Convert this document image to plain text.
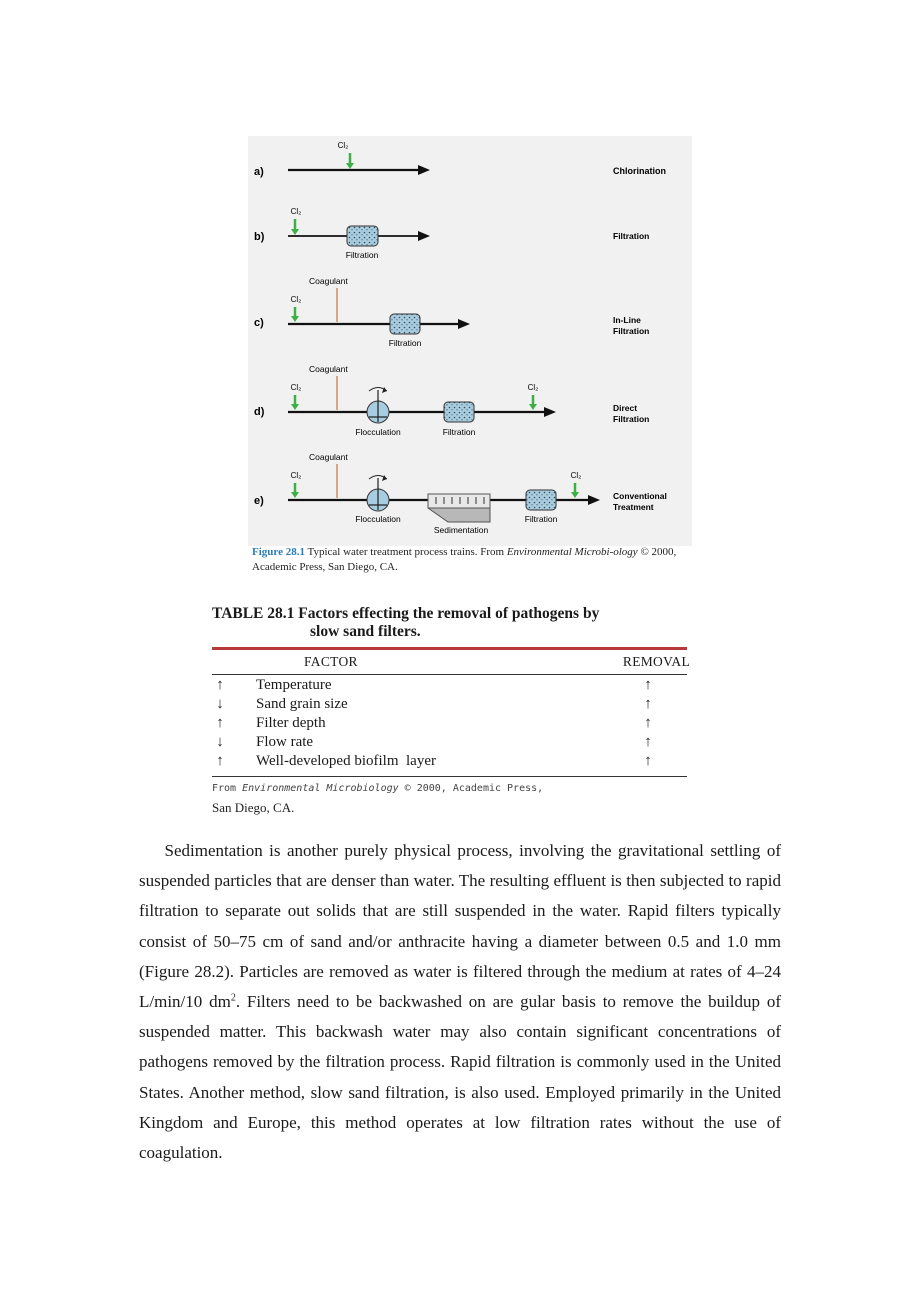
a)
Cl₂
Chlorination
b)
Cl₂
Filtration
Filtration
c)
Coagulant
Cl₂
Filtration
In-Line
Filtration
d)
Coagulant
Cl₂
Flocculation	Filtration
Cl₂
Direct
Filtration
e)
Coagulant
Cl₂
Flocculation
Sedimentation
Filtration
Cl₂
Conventional
Treatment
Figure 28.1 Typical water treatment process trains. From Environmental Microbi-ology © 2000, Academic Press, San Diego, CA.
TABLE 28.1 Factors effecting the removal of pathogens by
slow sand filters.
FACTOR	REMOVAL
↑ Temperature	↑
↓ Sand grain size	↑
↑ Filter depth	↑
↓ Flow rate	↑
↑ Well-developed biofilm  layer	↑
From Environmental Microbiology © 2000, Academic Press,
San Diego, CA.

  Sedimentation is another purely physical process, involving the gravitational settling of suspended particles that are denser than water. The resulting effluent is then subjected to rapid filtration to separate out solids that are still suspended in the water. Rapid filters typically consist of 50–75 cm of sand and/or anthracite having a diameter between 0.5 and 1.0 mm (Figure 28.2). Particles are removed as water is filtered through the medium at rates of 4–24 L/min/10 $dm^2$. Filters need to be backwashed on are gular basis to remove the buildup of suspended matter. This backwash water may also contain significant concentrations of pathogens removed by the filtration process. Rapid filtration is commonly used in the United States. Another method, slow sand filtration, is also used. Employed primarily in the United Kingdom and Europe, this method operates at low filtration rates without the use of coagulation.
